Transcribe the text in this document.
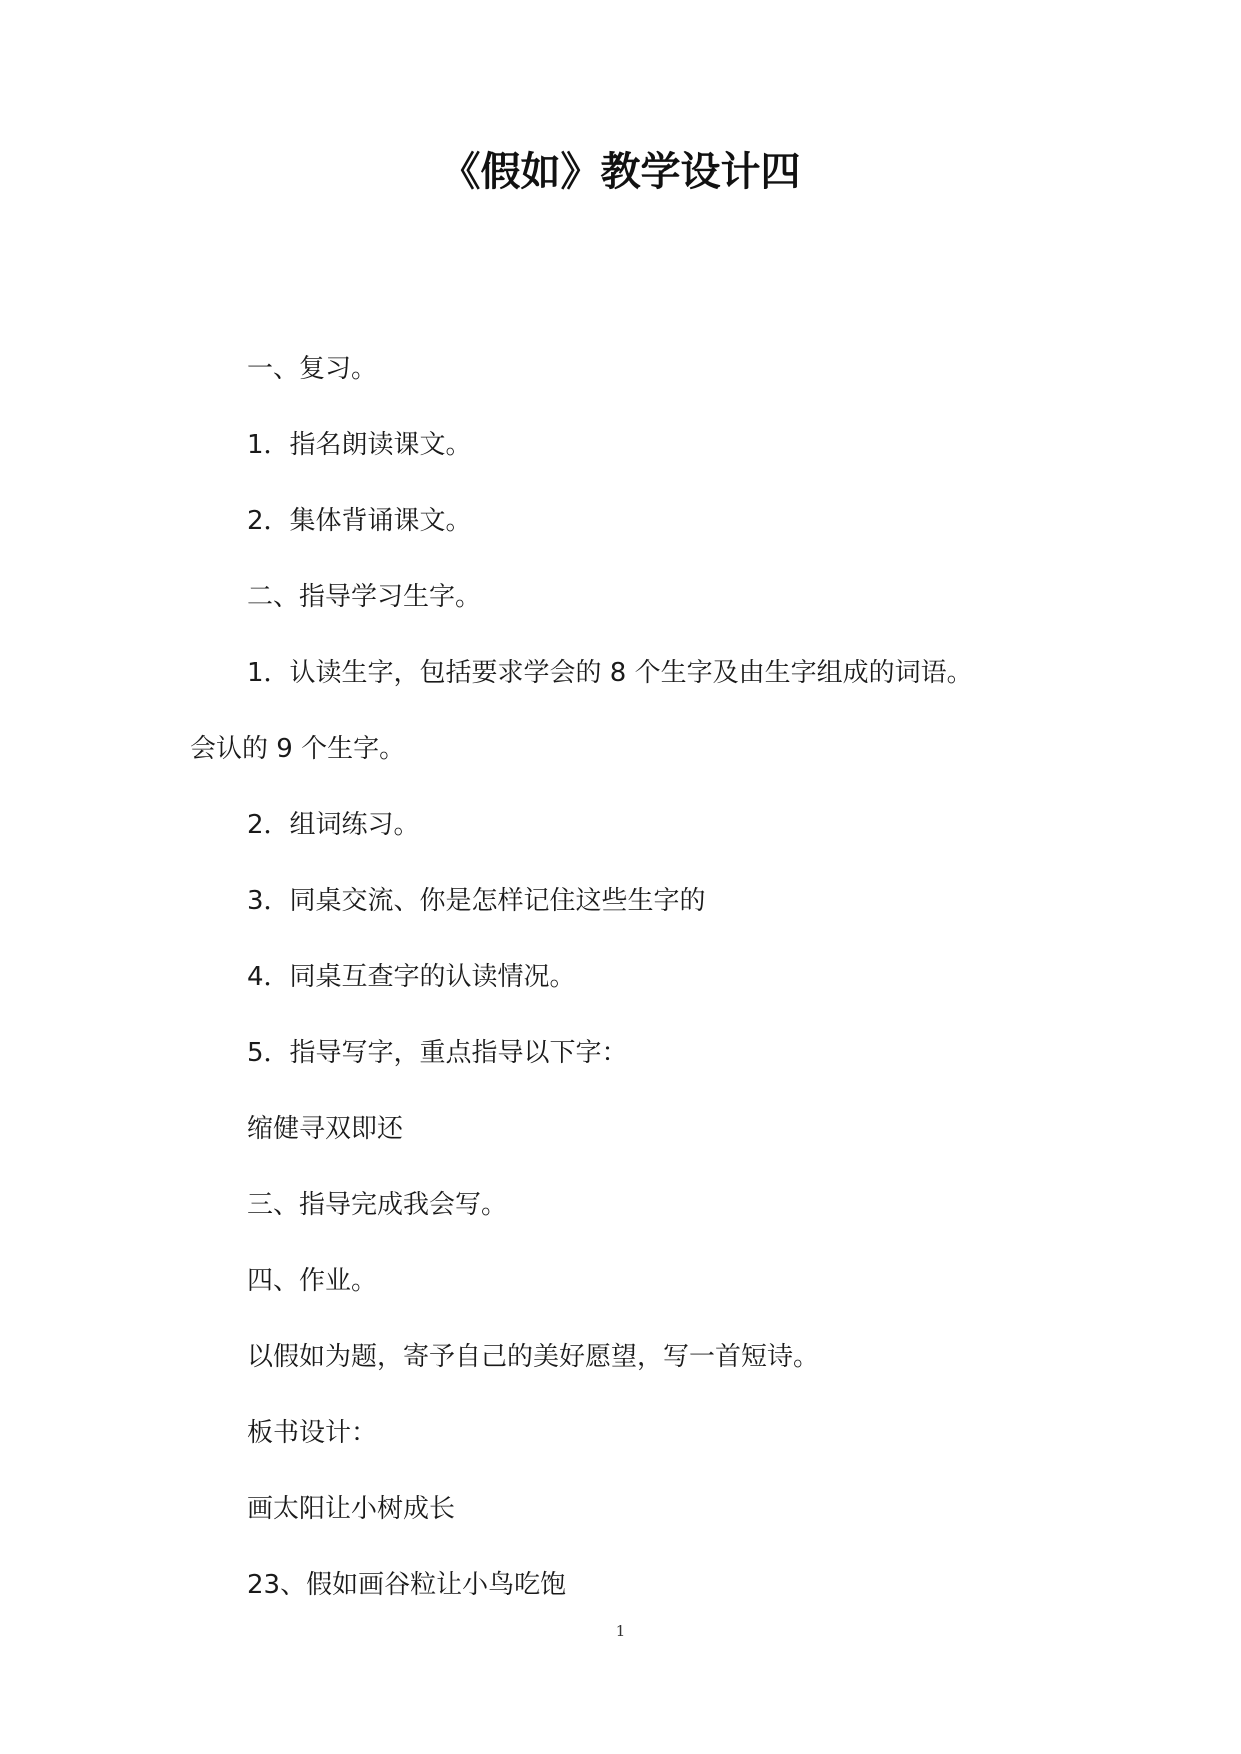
《假如》教学设计四

一、复习。

1．指名朗读课文。

2．集体背诵课文。

二、指导学习生字。

1．认读生字，包括要求学会的 8 个生字及由生字组成的词语。

会认的 9 个生字。

2．组词练习。

3．同桌交流、你是怎样记住这些生字的

4．同桌互查字的认读情况。

5．指导写字，重点指导以下字：

缩健寻双即还

三、指导完成我会写。

四、作业。

以假如为题，寄予自己的美好愿望，写一首短诗。

板书设计：

画太阳让小树成长

23、假如画谷粒让小鸟吃饱

1
